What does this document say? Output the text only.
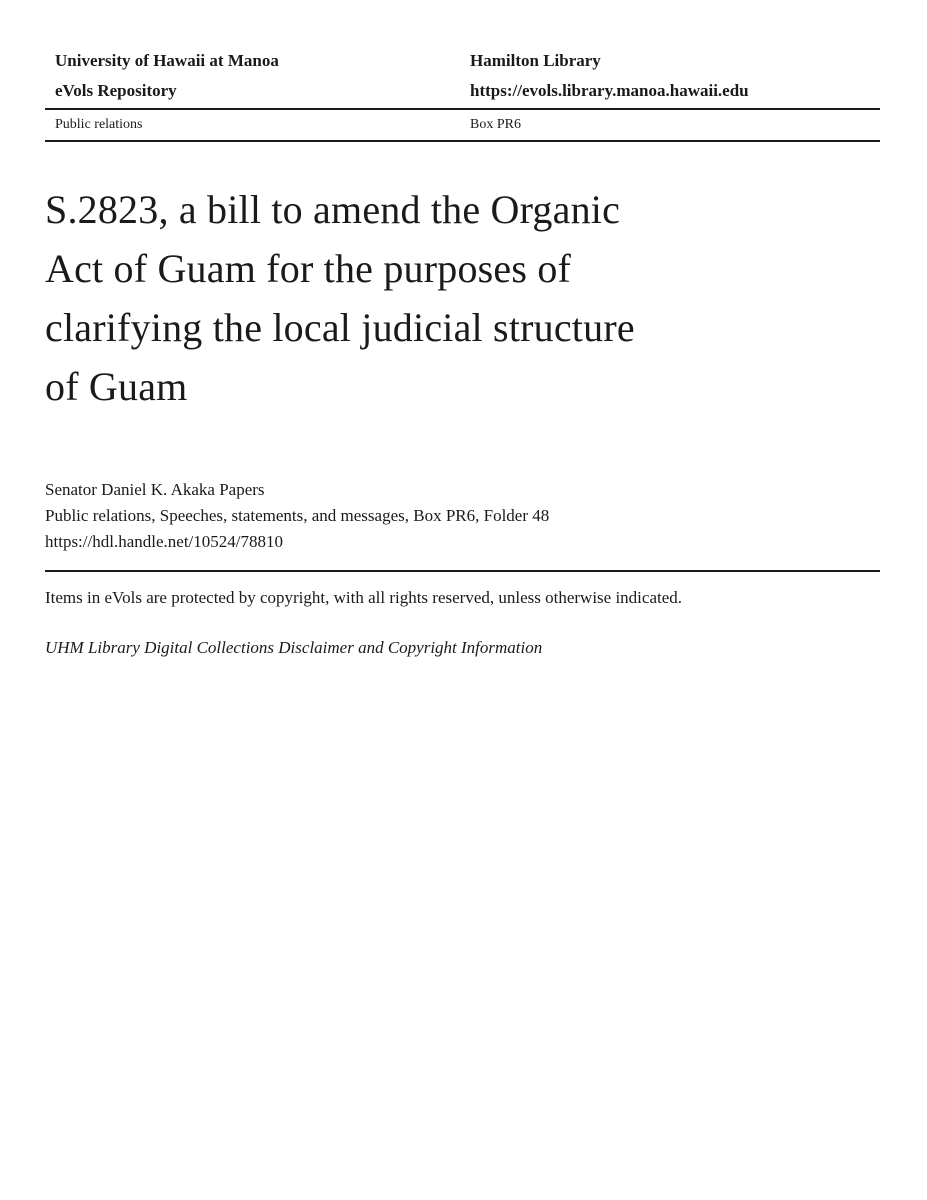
University of Hawaii at Manoa	Hamilton Library
eVols Repository	https://evols.library.manoa.hawaii.edu
Public relations	Box PR6
S.2823, a bill to amend the Organic
Act of Guam for the purposes of
clarifying the local judicial structure
of Guam
Senator Daniel K. Akaka Papers
Public relations, Speeches, statements, and messages, Box PR6, Folder 48
https://hdl.handle.net/10524/78810

Items in eVols are protected by copyright, with all rights reserved, unless otherwise indicated.

UHM Library Digital Collections Disclaimer and Copyright Information
